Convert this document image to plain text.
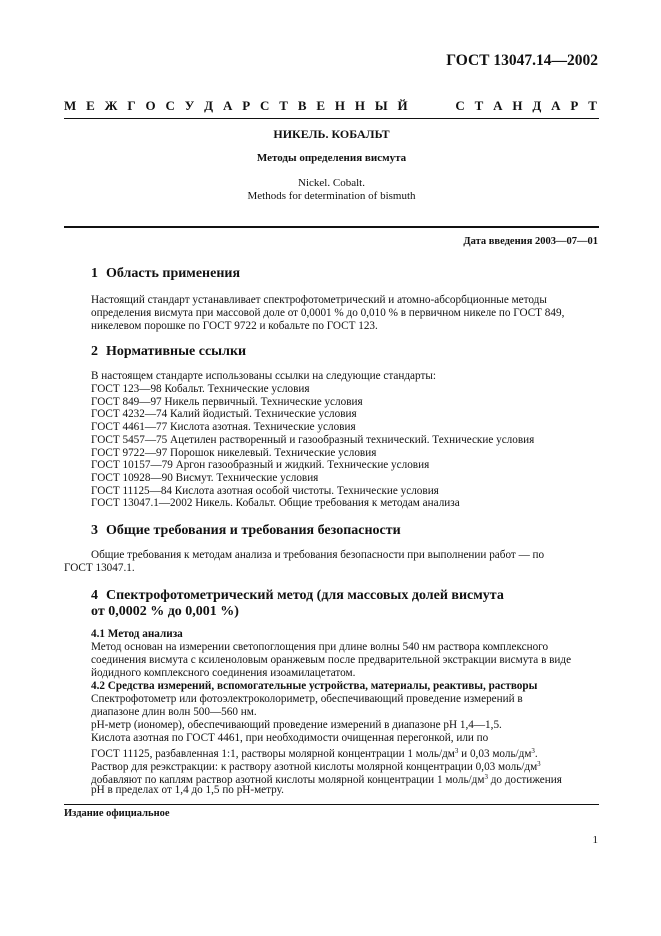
ГОСТ 13047.14—2002
М Е Ж Г О С У Д А Р С Т В Е Н Н Ы Й	С Т А Н Д А Р Т
НИКЕЛЬ. КОБАЛЬТ
Методы определения висмута
Nickel. Cobalt.
Methods for determination of bismuth
Дата введения 2003—07—01
1 Область применения
Настоящий стандарт устанавливает спектрофотометрический и атомно-абсорбционные методы
определения висмута при массовой доле от 0,0001 % до 0,010 % в первичном никеле по ГОСТ 849,
никелевом порошке по ГОСТ 9722 и кобальте по ГОСТ 123.
2 Нормативные ссылки
В настоящем стандарте использованы ссылки на следующие стандарты:
ГОСТ 123—98 Кобальт. Технические условия
ГОСТ 849—97 Никель первичный. Технические условия
ГОСТ 4232—74 Калий йодистый. Технические условия
ГОСТ 4461—77 Кислота азотная. Технические условия
ГОСТ 5457—75 Ацетилен растворенный и газообразный технический. Технические условия
ГОСТ 9722—97 Порошок никелевый. Технические условия
ГОСТ 10157—79 Аргон газообразный и жидкий. Технические условия
ГОСТ 10928—90 Висмут. Технические условия
ГОСТ 11125—84 Кислота азотная особой чистоты. Технические условия
ГОСТ 13047.1—2002 Никель. Кобальт. Общие требования к методам анализа
3 Общие требования и требования безопасности
Общие требования к методам анализа и требования безопасности при выполнении работ — по
ГОСТ 13047.1.
4 Спектрофотометрический метод (для массовых долей висмута
от 0,0002 % до 0,001 %)
4.1 Метод анализа
Метод основан на измерении светопоглощения при длине волны 540 нм раствора комплексного
соединения висмута с ксиленоловым оранжевым после предварительной экстракции висмута в виде
йодидного комплексного соединения изоамилацетатом.
4.2 Средства измерений, вспомогательные устройства, материалы, реактивы, растворы
Спектрофотометр или фотоэлектроколориметр, обеспечивающий проведение измерений в
диапазоне длин волн 500—560 нм.
рН-метр (иономер), обеспечивающий проведение измерений в диапазоне рН 1,4—1,5.
Кислота азотная по ГОСТ 4461, при необходимости очищенная перегонкой, или по
ГОСТ 11125, разбавленная 1:1, растворы молярной концентрации 1 моль/$дм^3$ и 0,03 моль/$дм^3$.
Раствор для реэкстракции: к раствору азотной кислоты молярной концентрации 0,03 моль/$дм^3$
добавляют по каплям раствор азотной кислоты молярной концентрации 1 моль/$дм^3$ до достижения
рН в пределах от 1,4 до 1,5 по рН-метру.
Издание официальное
1
